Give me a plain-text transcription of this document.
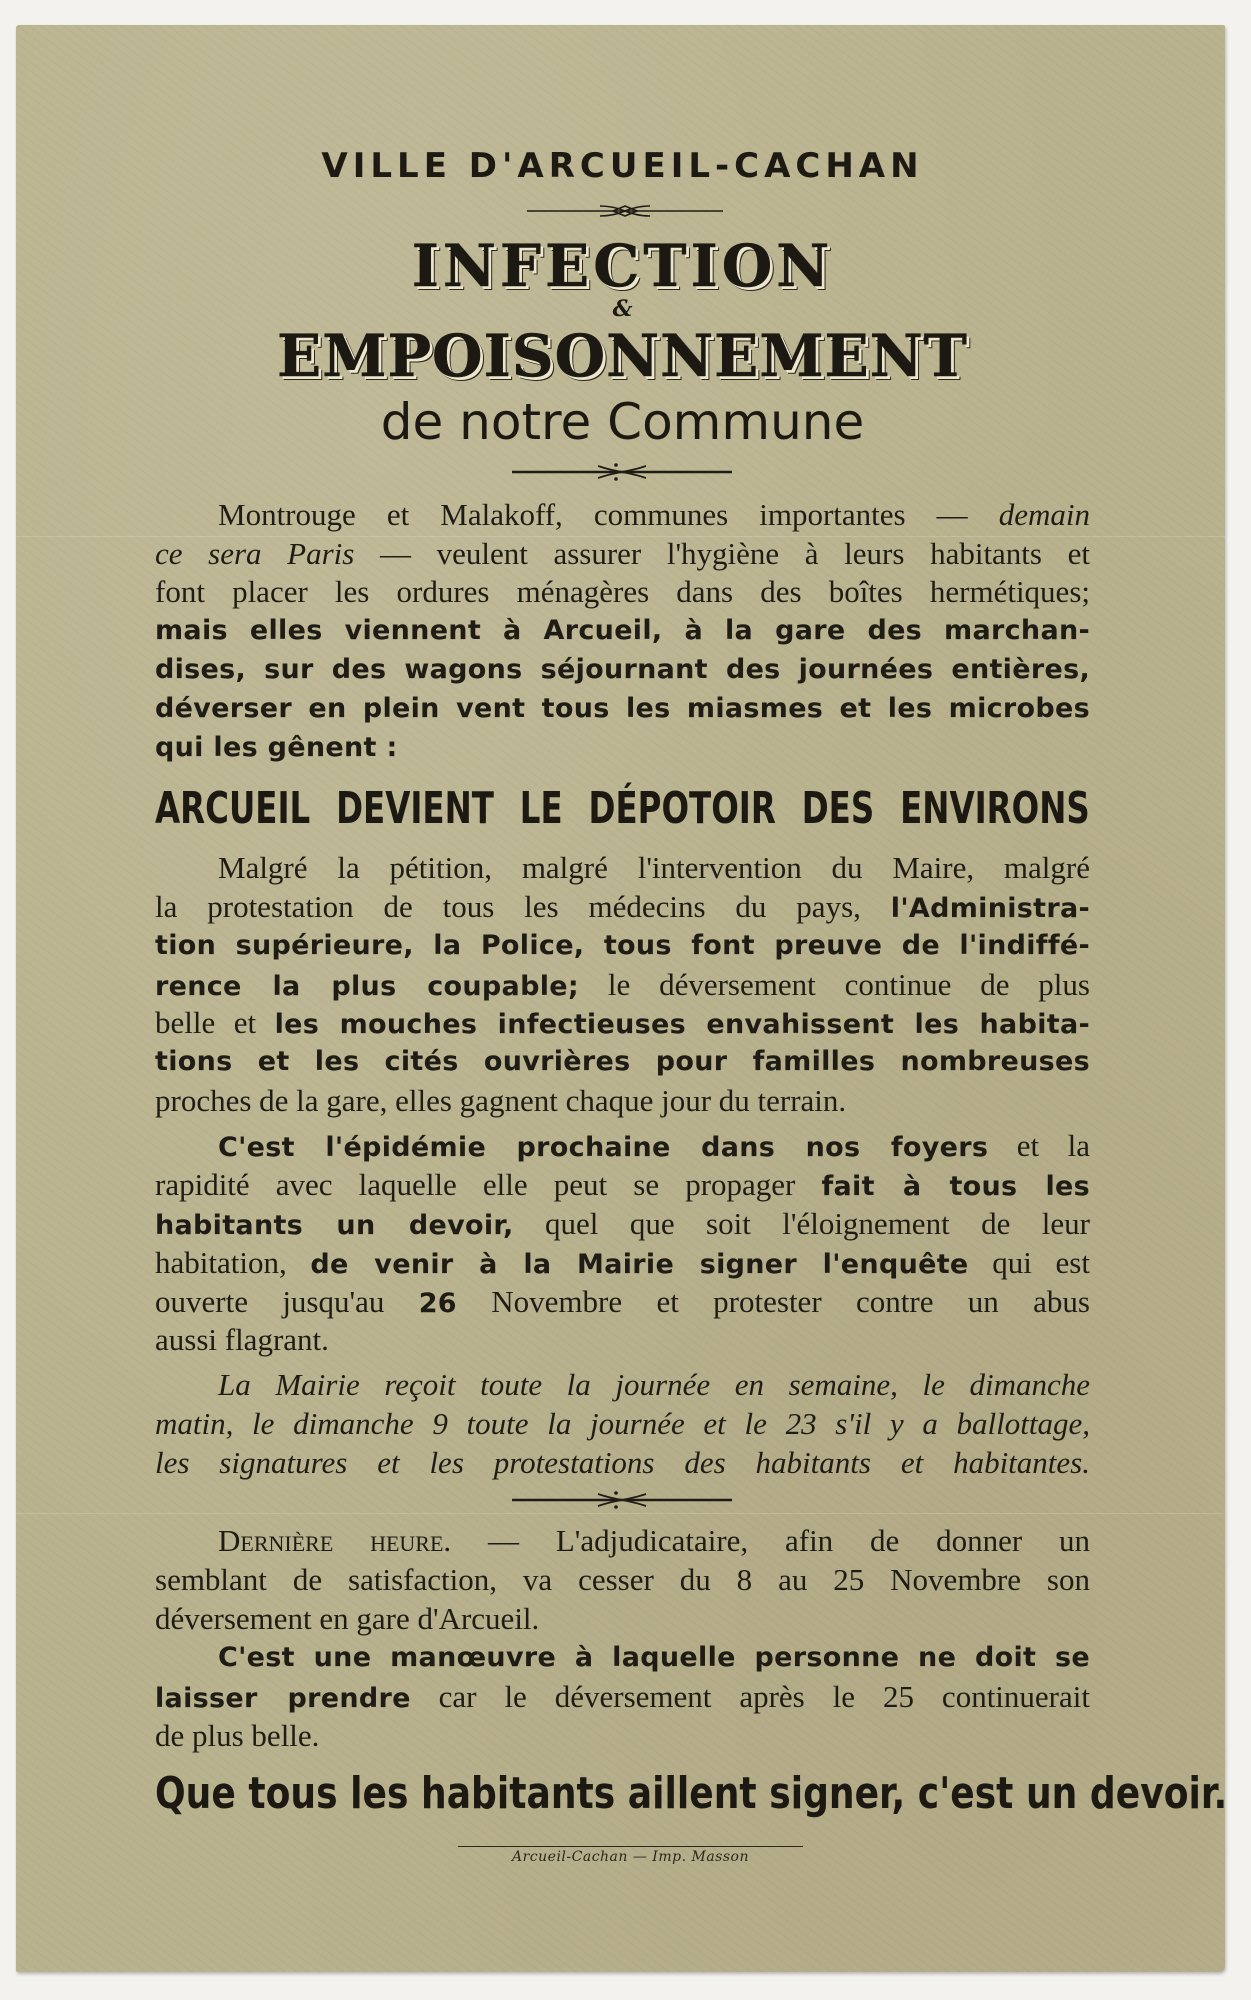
VILLE D'ARCUEIL-CACHAN
INFECTION
&
EMPOISONNEMENT
de notre Commune
Montrouge et Malakoff, communes importantes — demain
ce sera Paris — veulent assurer l'hygiène à leurs habitants et
font placer les ordures ménagères dans des boîtes hermétiques;
mais elles viennent à Arcueil, à la gare des marchan-
dises, sur des wagons séjournant des journées entières,
déverser en plein vent tous les miasmes et les microbes
qui les gênent :
ARCUEIL DEVIENT LE DÉPOTOIR DES ENVIRONS
Malgré la pétition, malgré l'intervention du Maire, malgré
la protestation de tous les médecins du pays, l'Administra-
tion supérieure, la Police, tous font preuve de l'indiffé-
rence la plus coupable; le déversement continue de plus
belle et les mouches infectieuses envahissent les habita-
tions et les cités ouvrières pour familles nombreuses
proches de la gare, elles gagnent chaque jour du terrain.
C'est l'épidémie prochaine dans nos foyers et la
rapidité avec laquelle elle peut se propager fait à tous les
habitants un devoir, quel que soit l'éloignement de leur
habitation, de venir à la Mairie signer l'enquête qui est
ouverte jusqu'au 26 Novembre et protester contre un abus
aussi flagrant.
La Mairie reçoit toute la journée en semaine, le dimanche
matin, le dimanche 9 toute la journée et le 23 s'il y a ballottage,
les signatures et les protestations des habitants et habitantes.
Dernière heure. — L'adjudicataire, afin de donner un
semblant de satisfaction, va cesser du 8 au 25 Novembre son
déversement en gare d'Arcueil.
C'est une manœuvre à laquelle personne ne doit se
laisser prendre car le déversement après le 25 continuerait
de plus belle.
Que tous les habitants aillent signer, c'est un devoir.
Arcueil-Cachan — Imp. Masson
